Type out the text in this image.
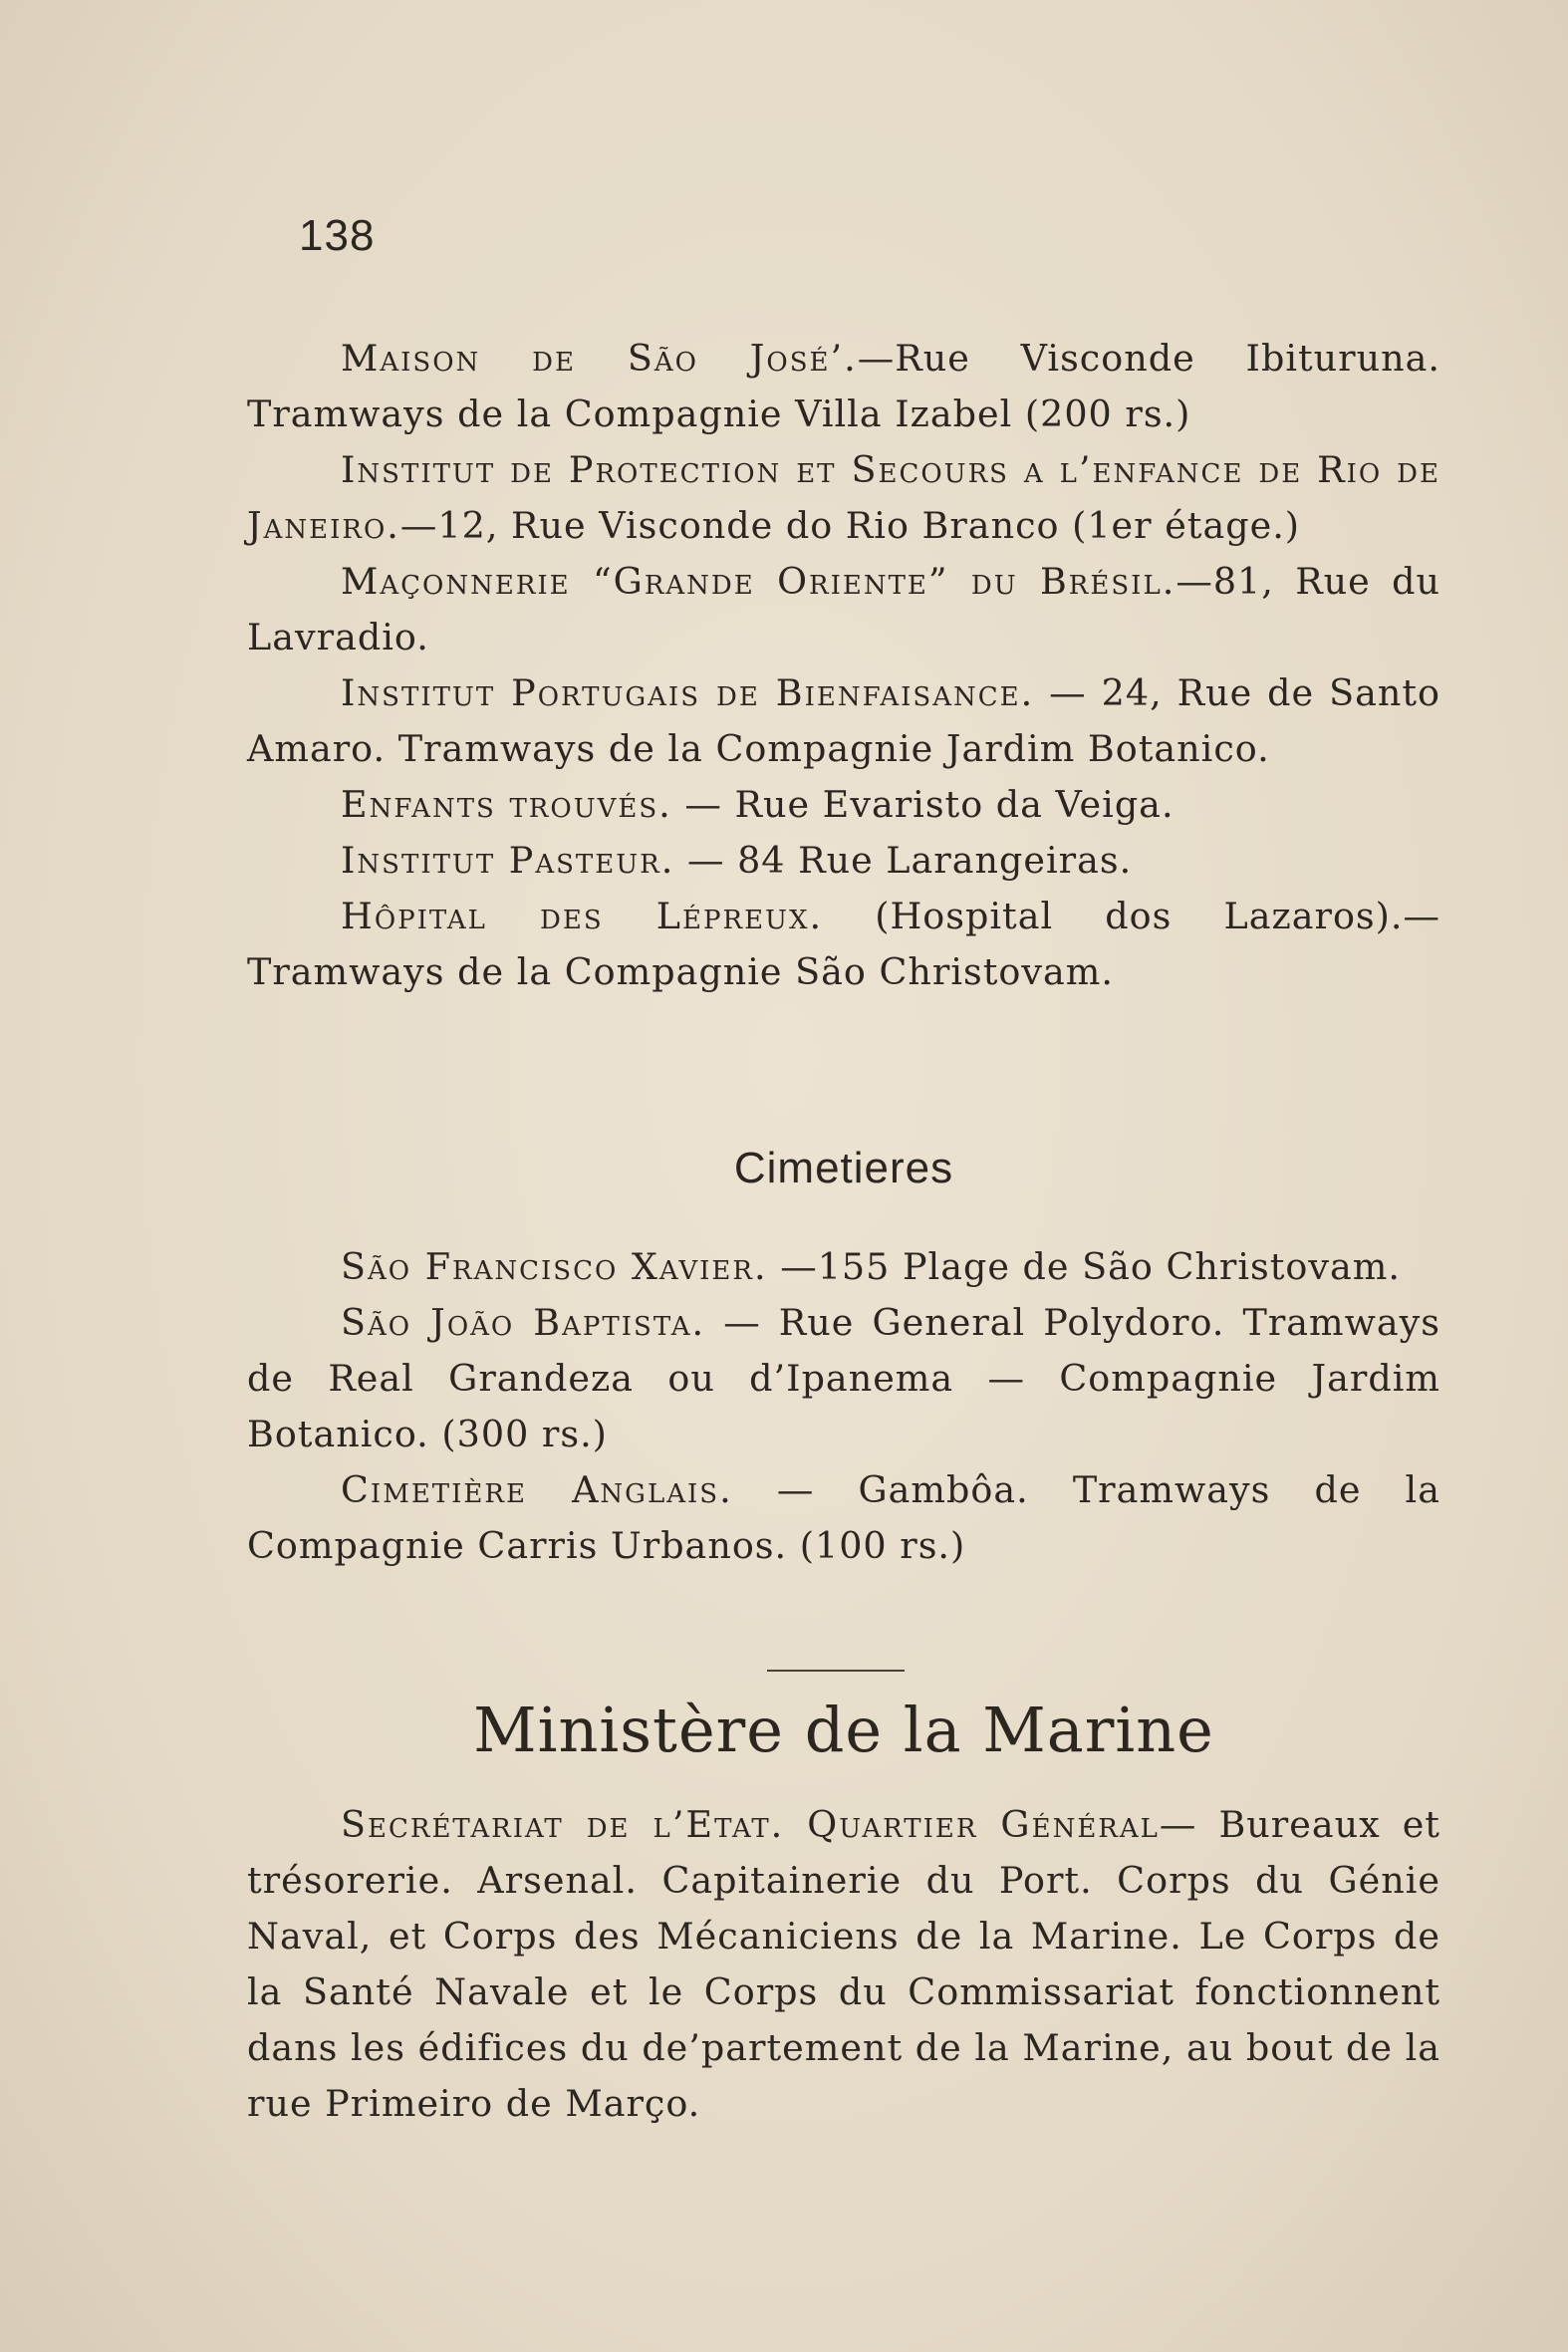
138

Maison de São José’.—Rue Visconde Ibituruna. Tramways de la Compagnie Villa Izabel (200 rs.)

Institut de Protection et Secours a l’enfance de Rio de Janeiro.—12, Rue Visconde do Rio Branco (1er étage.)

Maçonnerie “Grande Oriente” du Brésil.—81, Rue du Lavradio.

Institut Portugais de Bienfaisance. — 24, Rue de Santo Amaro. Tramways de la Compagnie Jardim Botanico.

Enfants trouvés. — Rue Evaristo da Veiga.

Institut Pasteur. — 84 Rue Larangeiras.

Hôpital des Lépreux. (Hospital dos Lazaros).—Tramways de la Compagnie São Christovam.

Cimetieres

São Francisco Xavier. —155 Plage de São Christovam.

São João Baptista. — Rue General Polydoro. Tramways de Real Grandeza ou d’Ipanema — Compagnie Jardim Botanico. (300 rs.)

Cimetière Anglais. — Gambôa. Tramways de la Compagnie Carris Urbanos. (100 rs.)

Ministère de la Marine

Secrétariat de l’Etat. Quartier Général— Bureaux et trésorerie. Arsenal. Capitainerie du Port. Corps du Génie Naval, et Corps des Mécaniciens de la Marine. Le Corps de la Santé Navale et le Corps du Commissariat fonctionnent dans les édifices du de’partement de la Marine, au bout de la rue Primeiro de Março.
